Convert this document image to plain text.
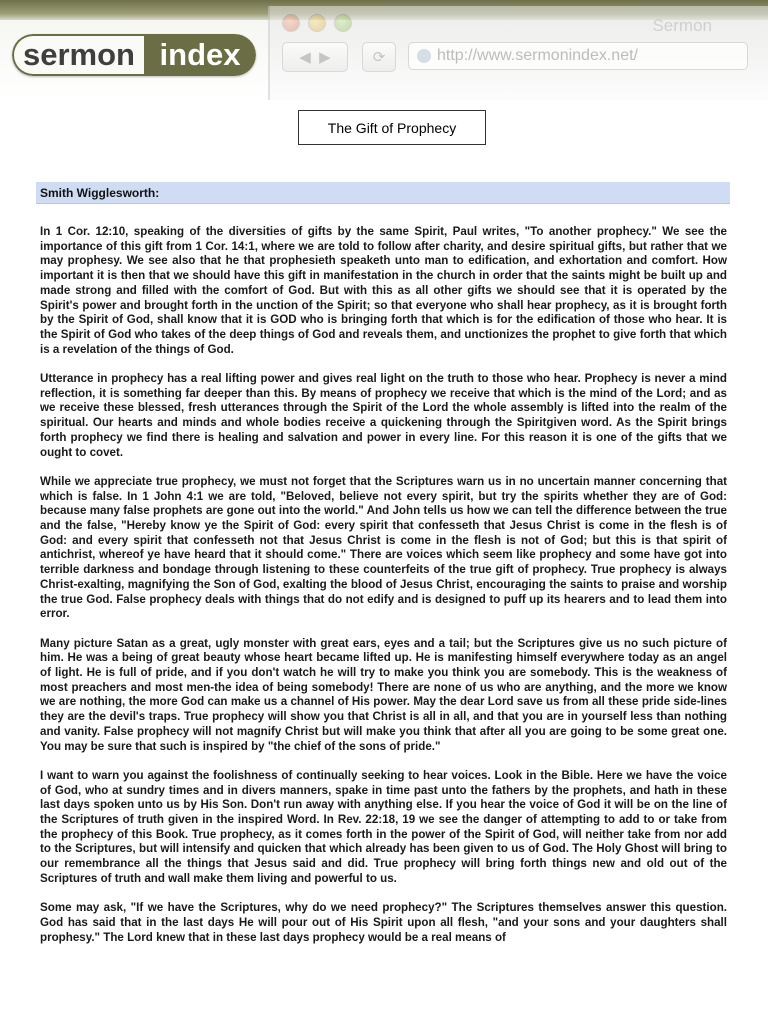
Sermon
◀
▶	⟳	http://www.sermonindex.net/
sermon index
The Gift of Prophecy
Smith Wigglesworth:

In 1 Cor. 12:10, speaking of the diversities of gifts by the same Spirit, Paul writes, "To another prophecy." We see the importance of this gift from 1 Cor. 14:1, where we are told to follow after charity, and desire spiritual gifts, but rather that we may prophesy. We see also that he that prophesieth speaketh unto man to edification, and exhortation and comfort. How important it is then that we should have this gift in manifestation in the church in order that the saints might be built up and made strong and filled with the comfort of God. But with this as all other gifts we should see that it is operated by the Spirit's power and brought forth in the unction of the Spirit; so that everyone who shall hear prophecy, as it is brought forth by the Spirit of God, shall know that it is GOD who is bringing forth that which is for the edification of those who hear. It is the Spirit of God who takes of the deep things of God and reveals them, and unctionizes the prophet to give forth that which is a revelation of the things of God.

Utterance in prophecy has a real lifting power and gives real light on the truth to those who hear. Prophecy is never a mind reflection, it is something far deeper than this. By means of prophecy we receive that which is the mind of the Lord; and as we receive these blessed, fresh utterances through the Spirit of the Lord the whole assembly is lifted into the realm of the spiritual. Our hearts and minds and whole bodies receive a quickening through the Spiritgiven word. As the Spirit brings forth prophecy we find there is healing and salvation and power in every line. For this reason it is one of the gifts that we ought to covet.

While we appreciate true prophecy, we must not forget that the Scriptures warn us in no uncertain manner concerning that which is false. In 1 John 4:1 we are told, "Beloved, believe not every spirit, but try the spirits whether they are of God: because many false prophets are gone out into the world." And John tells us how we can tell the difference between the true and the false, "Hereby know ye the Spirit of God: every spirit that confesseth that Jesus Christ is come in the flesh is of God: and every spirit that confesseth not that Jesus Christ is come in the flesh is not of God; but this is that spirit of antichrist, whereof ye have heard that it should come." There are voices which seem like prophecy and some have got into terrible darkness and bondage through listening to these counterfeits of the true gift of prophecy. True prophecy is always Christ-exalting, magnifying the Son of God, exalting the blood of Jesus Christ, encouraging the saints to praise and worship the true God. False prophecy deals with things that do not edify and is designed to puff up its hearers and to lead them into error.

Many picture Satan as a great, ugly monster with great ears, eyes and a tail; but the Scriptures give us no such picture of him. He was a being of great beauty whose heart became lifted up. He is manifesting himself everywhere today as an angel of light. He is full of pride, and if you don't watch he will try to make you think you are somebody. This is the weakness of most preachers and most men-the idea of being somebody! There are none of us who are anything, and the more we know we are nothing, the more God can make us a channel of His power. May the dear Lord save us from all these pride side-lines they are the devil's traps. True prophecy will show you that Christ is all in all, and that you are in yourself less than nothing and vanity. False prophecy will not magnify Christ but will make you think that after all you are going to be some great one. You may be sure that such is inspired by "the chief of the sons of pride."

I want to warn you against the foolishness of continually seeking to hear voices. Look in the Bible. Here we have the voice of God, who at sundry times and in divers manners, spake in time past unto the fathers by the prophets, and hath in these last days spoken unto us by His Son. Don't run away with anything else. If you hear the voice of God it will be on the line of the Scriptures of truth given in the inspired Word. In Rev. 22:18, 19 we see the danger of attempting to add to or take from the prophecy of this Book. True prophecy, as it comes forth in the power of the Spirit of God, will neither take from nor add to the Scriptures, but will intensify and quicken that which already has been given to us of God. The Holy Ghost will bring to our remembrance all the things that Jesus said and did. True prophecy will bring forth things new and old out of the Scriptures of truth and wall make them living and powerful to us.

Some may ask, "If we have the Scriptures, why do we need prophecy?" The Scriptures themselves answer this question. God has said that in the last days He will pour out of His Spirit upon all flesh, "and your sons and your daughters shall prophesy." The Lord knew that in these last days prophecy would be a real means of
